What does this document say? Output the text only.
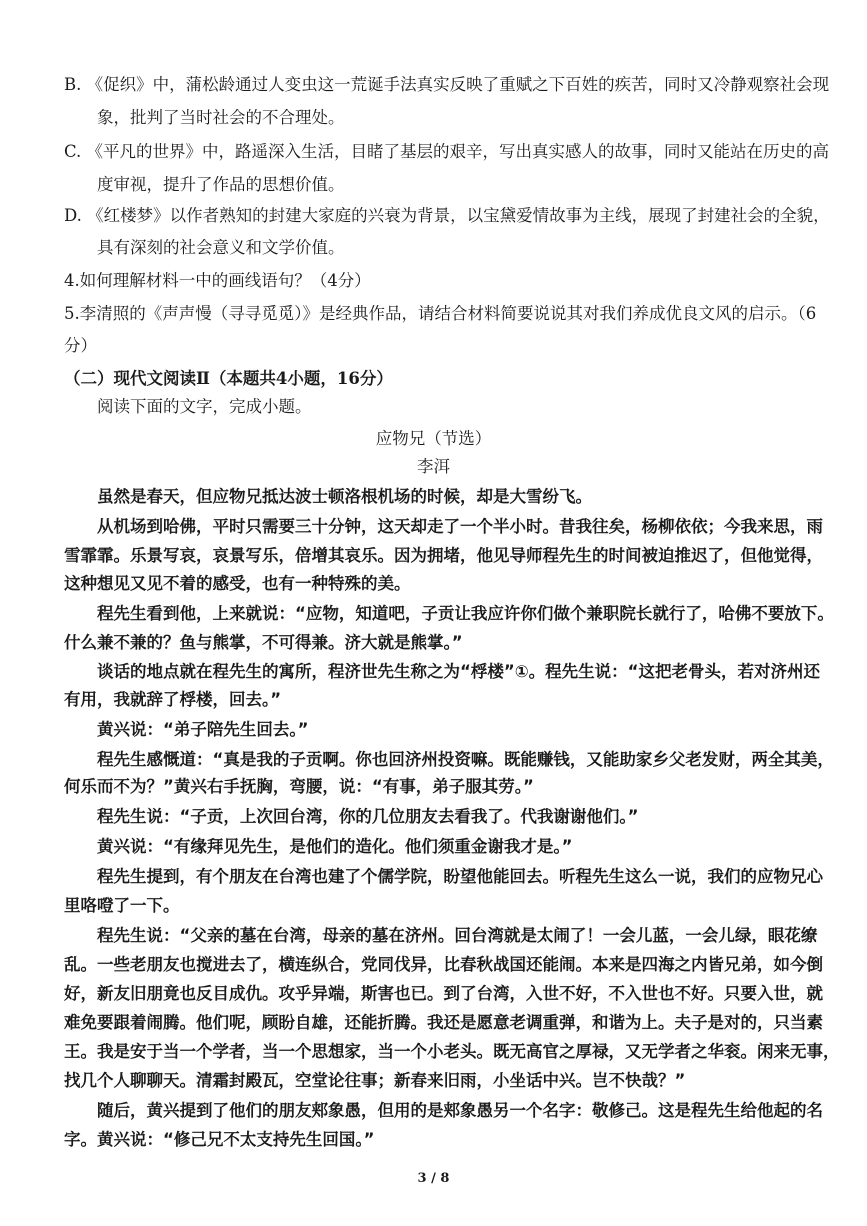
B. 《促织》中，蒲松龄通过人变虫这一荒诞手法真实反映了重赋之下百姓的疾苦，同时又冷静观察社会现
象，批判了当时社会的不合理处。
C. 《平凡的世界》中，路遥深入生活，目睹了基层的艰辛，写出真实感人的故事，同时又能站在历史的高
度审视，提升了作品的思想价值。
D. 《红楼梦》以作者熟知的封建大家庭的兴衰为背景，以宝黛爱情故事为主线，展现了封建社会的全貌，
具有深刻的社会意义和文学价值。
4.如何理解材料一中的画线语句？（4分）
5.李清照的《声声慢（寻寻觅觅）》是经典作品，请结合材料简要说说其对我们养成优良文风的启示。（6
分）
（二）现代文阅读Ⅱ（本题共4小题，16分）
阅读下面的文字，完成小题。
应物兄（节选）
李洱
虽然是春天，但应物兄抵达波士顿洛根机场的时候，却是大雪纷飞。
从机场到哈佛，平时只需要三十分钟，这天却走了一个半小时。昔我往矣，杨柳依依；今我来思，雨
雪霏霏。乐景写哀，哀景写乐，倍增其哀乐。因为拥堵，他见导师程先生的时间被迫推迟了，但他觉得，
这种想见又见不着的感受，也有一种特殊的美。
程先生看到他，上来就说：“应物，知道吧，子贡让我应许你们做个兼职院长就行了，哈佛不要放下。
什么兼不兼的？鱼与熊掌，不可得兼。济大就是熊掌。”
谈话的地点就在程先生的寓所，程济世先生称之为“桴楼”①。程先生说：“这把老骨头，若对济州还
有用，我就辞了桴楼，回去。”
黄兴说：“弟子陪先生回去。”
程先生感慨道：“真是我的子贡啊。你也回济州投资嘛。既能赚钱，又能助家乡父老发财，两全其美，
何乐而不为？”黄兴右手抚胸，弯腰，说：“有事，弟子服其劳。”
程先生说：“子贡，上次回台湾，你的几位朋友去看我了。代我谢谢他们。”
黄兴说：“有缘拜见先生，是他们的造化。他们须重金谢我才是。”
程先生提到，有个朋友在台湾也建了个儒学院，盼望他能回去。听程先生这么一说，我们的应物兄心
里咯噔了一下。
程先生说：“父亲的墓在台湾，母亲的墓在济州。回台湾就是太闹了！一会儿蓝，一会儿绿，眼花缭
乱。一些老朋友也搅进去了，横连纵合，党同伐异，比春秋战国还能闹。本来是四海之内皆兄弟，如今倒
好，新友旧朋竟也反目成仇。攻乎异端，斯害也已。到了台湾，入世不好，不入世也不好。只要入世，就
难免要跟着闹腾。他们呢，顾盼自雄，还能折腾。我还是愿意老调重弹，和谐为上。夫子是对的，只当素
王。我是安于当一个学者，当一个思想家，当一个小老头。既无高官之厚禄，又无学者之华衮。闲来无事，
找几个人聊聊天。清霜封殿瓦，空堂论往事；新春来旧雨，小坐话中兴。岂不快哉？”
随后，黄兴提到了他们的朋友郏象愚，但用的是郏象愚另一个名字：敬修己。这是程先生给他起的名
字。黄兴说：“修己兄不太支持先生回国。”
3 / 8
